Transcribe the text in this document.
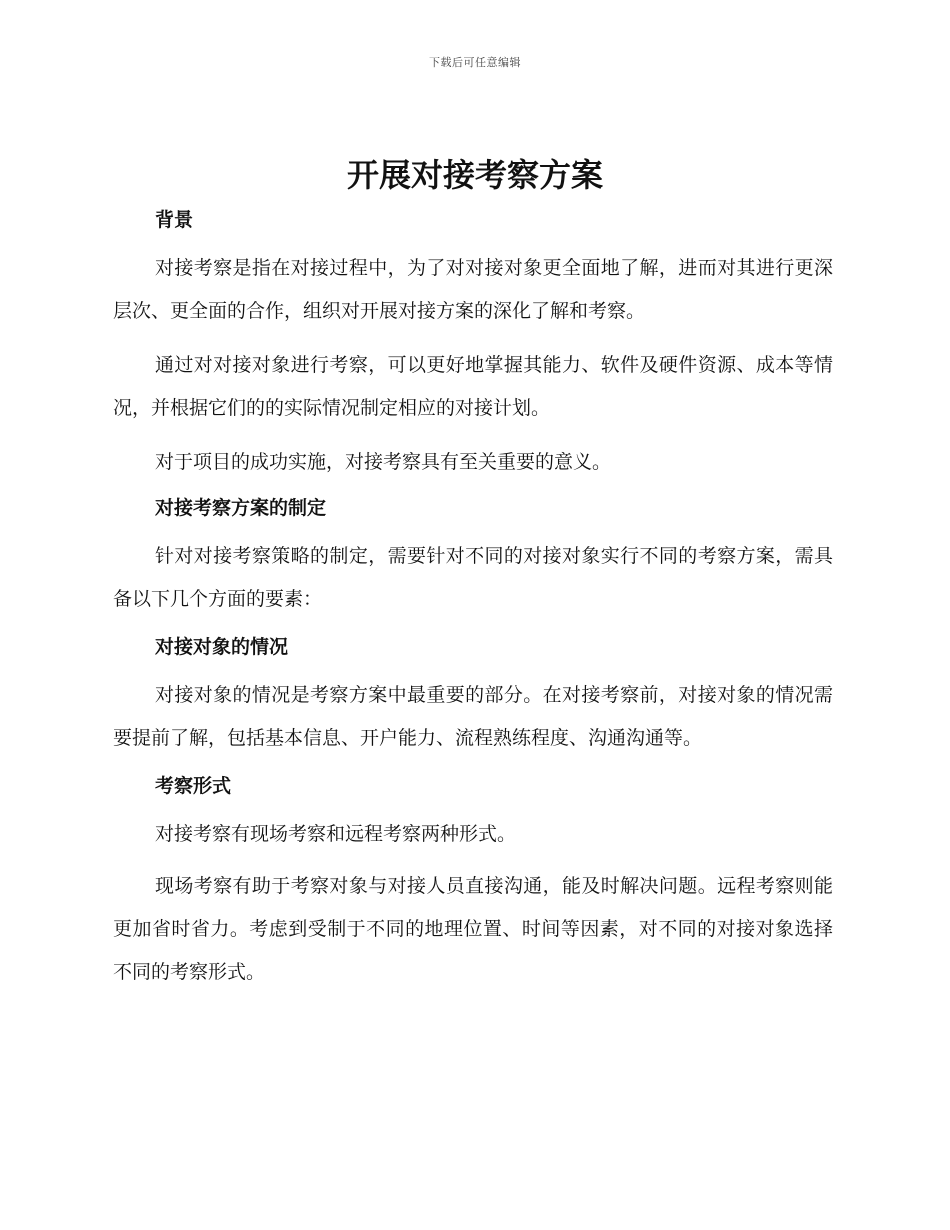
下载后可任意编辑
开展对接考察方案
背景

对接考察是指在对接过程中，为了对对接对象更全面地了解，进而对其进行更深层次、更全面的合作，组织对开展对接方案的深化了解和考察。

通过对对接对象进行考察，可以更好地掌握其能力、软件及硬件资源、成本等情况，并根据它们的的实际情况制定相应的对接计划。

对于项目的成功实施，对接考察具有至关重要的意义。

对接考察方案的制定

针对对接考察策略的制定，需要针对不同的对接对象实行不同的考察方案，需具备以下几个方面的要素：

对接对象的情况

对接对象的情况是考察方案中最重要的部分。在对接考察前，对接对象的情况需要提前了解，包括基本信息、开户能力、流程熟练程度、沟通沟通等。

考察形式

对接考察有现场考察和远程考察两种形式。

现场考察有助于考察对象与对接人员直接沟通，能及时解决问题。远程考察则能更加省时省力。考虑到受制于不同的地理位置、时间等因素，对不同的对接对象选择不同的考察形式。
